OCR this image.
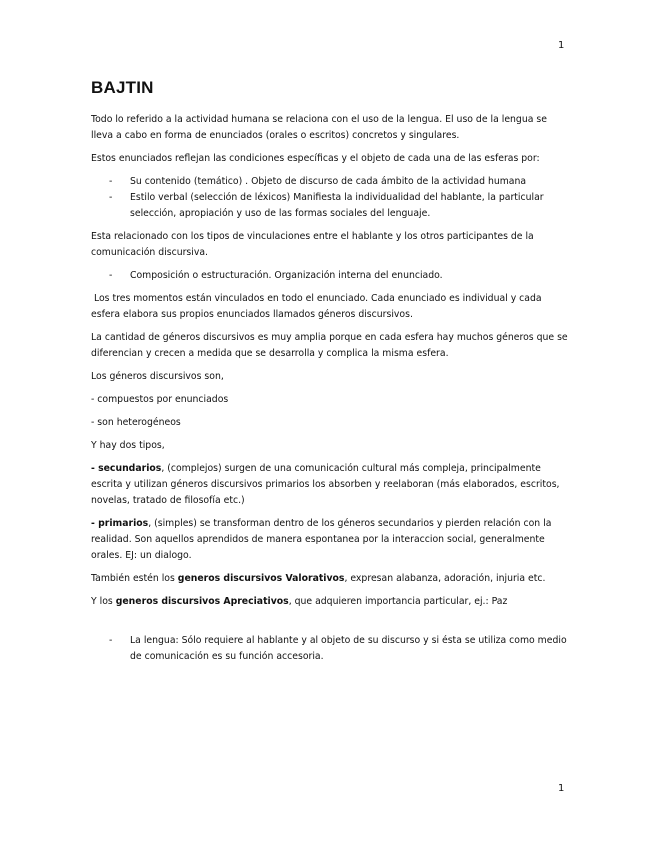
1
BAJTIN

Todo lo referido a la actividad humana se relaciona con el uso de la lengua. El uso de la lengua se lleva a cabo en forma de enunciados (orales o escritos) concretos y singulares.

Estos enunciados reflejan las condiciones específicas y el objeto de cada una de las esferas por:

- Su contenido (temático) . Objeto de discurso de cada ámbito de la actividad humana
- Estilo verbal (selección de léxicos) Manifiesta la individualidad del hablante, la particular selección, apropiación y uso de las formas sociales del lenguaje.

Esta relacionado con los tipos de vinculaciones entre el hablante y los otros participantes de la comunicación discursiva.

- Composición o estructuración. Organización interna del enunciado.

Los tres momentos están vinculados en todo el enunciado. Cada enunciado es individual y cada esfera elabora sus propios enunciados llamados géneros discursivos.

La cantidad de géneros discursivos es muy amplia porque en cada esfera hay muchos géneros que se diferencian y crecen a medida que se desarrolla y complica la misma esfera.

Los géneros discursivos son,

- compuestos por enunciados

- son heterogéneos

Y hay dos tipos,

- secundarios, (complejos) surgen de una comunicación cultural más compleja, principalmente escrita y utilizan géneros discursivos primarios los absorben y reelaboran (más elaborados, escritos, novelas, tratado de filosofía etc.)

- primarios, (simples) se transforman dentro de los géneros secundarios y pierden relación con la realidad. Son aquellos aprendidos de manera espontanea por la interaccion social, generalmente orales. EJ: un dialogo.

También estén los generos discursivos Valorativos, expresan alabanza, adoración, injuria etc.

Y los generos discursivos Apreciativos, que adquieren importancia particular, ej.: Paz

- La lengua: Sólo requiere al hablante y al objeto de su discurso y si ésta se utiliza como medio de comunicación es su función accesoria.
1
